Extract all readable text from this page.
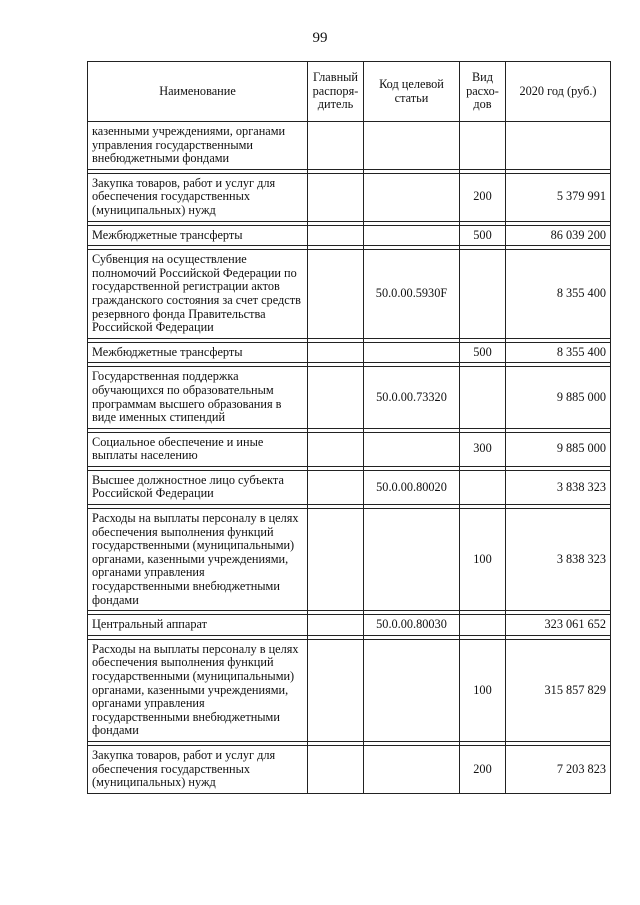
99
Наименование	Главный распоря-дитель	Код целевой статьи	Вид расхо-дов	2020 год (руб.)
казенными учреждениями, органами управления государственными внебюджетными фондами				

Закупка товаров, работ и услуг для обеспечения государственных (муниципальных) нужд			200	5 379 991

Межбюджетные трансферты			500	86 039 200

Субвенция на осуществление полномочий Российской Федерации по государственной регистрации актов гражданского состояния за счет средств резервного фонда Правительства Российской Федерации		50.0.00.5930F		8 355 400

Межбюджетные трансферты			500	8 355 400

Государственная поддержка обучающихся по образовательным программам высшего образования в виде именных стипендий		50.0.00.73320		9 885 000

Социальное обеспечение и иные выплаты населению			300	9 885 000

Высшее должностное лицо субъекта Российской Федерации		50.0.00.80020		3 838 323

Расходы на выплаты персоналу в целях обеспечения выполнения функций государственными (муниципальными) органами, казенными учреждениями, органами управления государственными внебюджетными фондами			100	3 838 323

Центральный аппарат		50.0.00.80030		323 061 652

Расходы на выплаты персоналу в целях обеспечения выполнения функций государственными (муниципальными) органами, казенными учреждениями, органами управления государственными внебюджетными фондами			100	315 857 829

Закупка товаров, работ и услуг для обеспечения государственных (муниципальных) нужд			200	7 203 823
